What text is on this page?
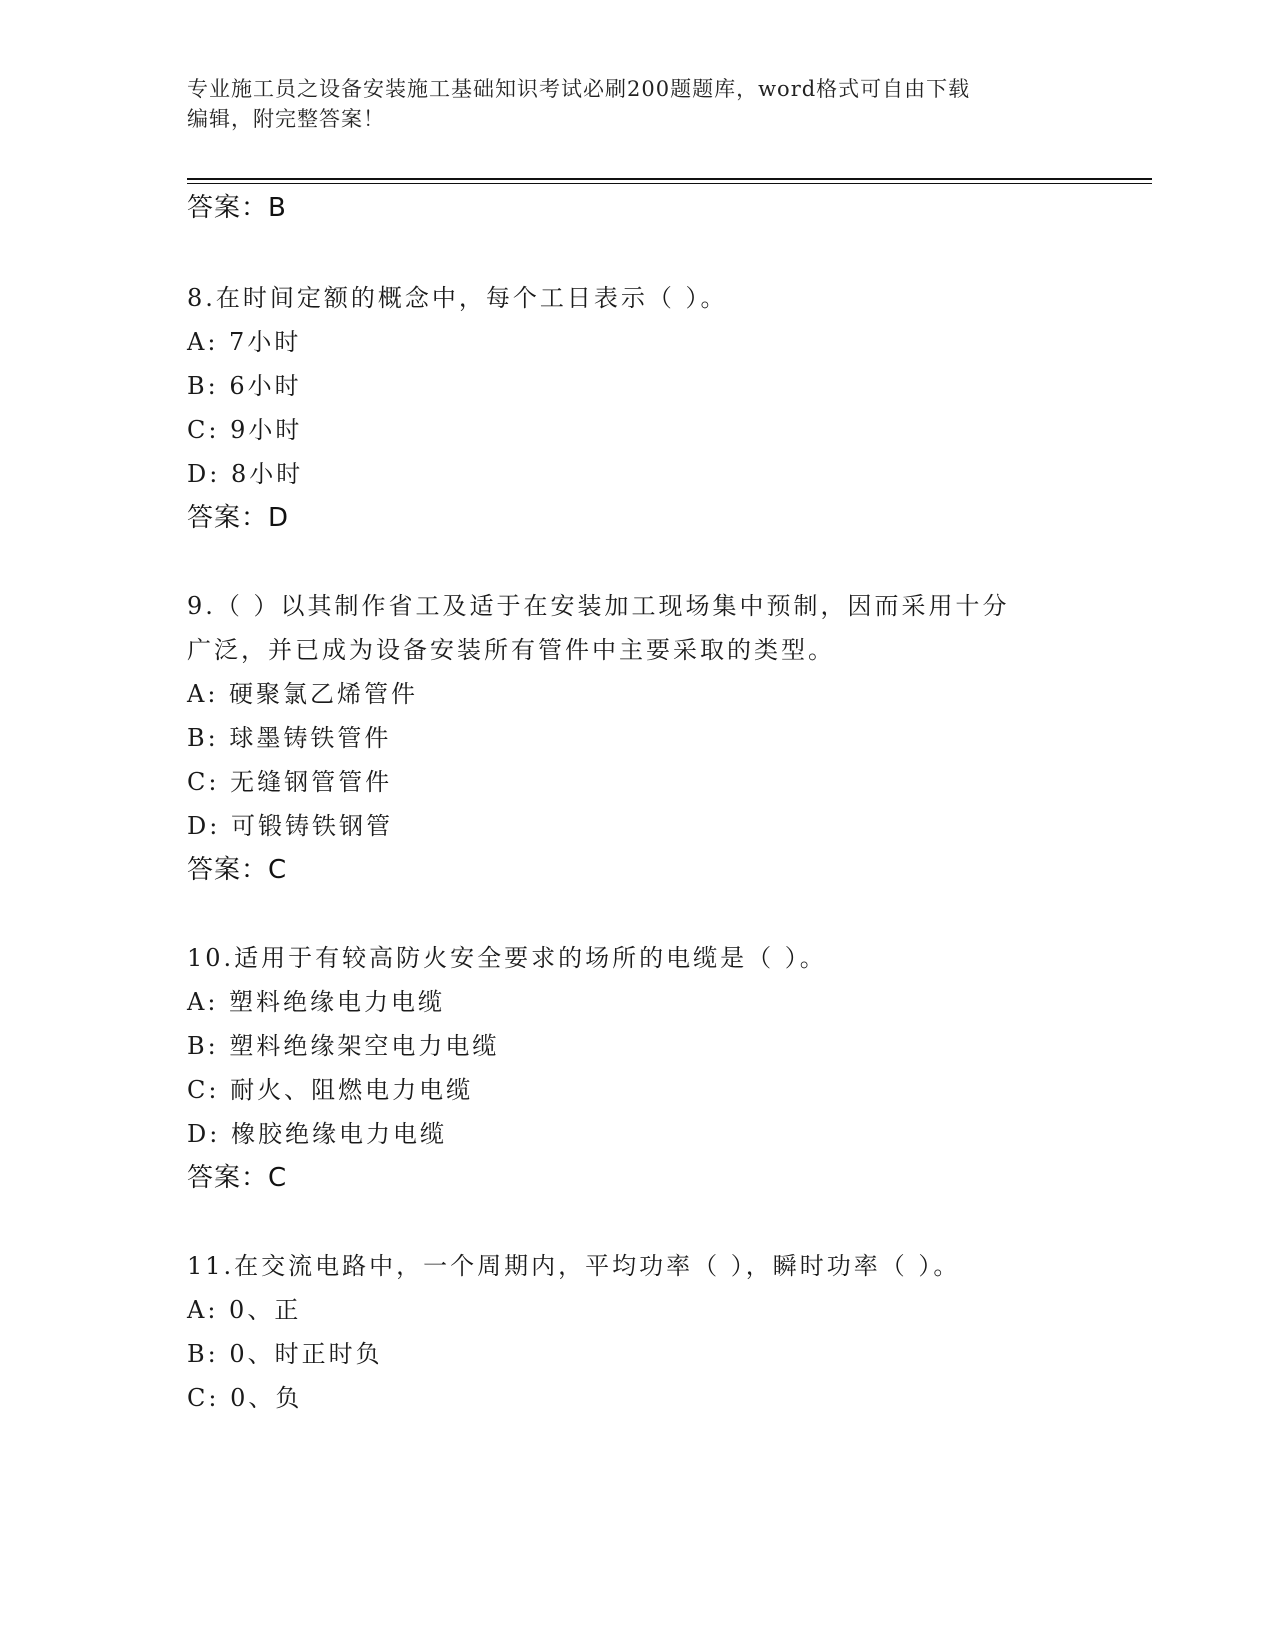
专业施工员之设备安装施工基础知识考试必刷200题题库，word格式可自由下载
编辑，附完整答案！
答案：B
8.在时间定额的概念中，每个工日表示（ ）。
A: 7小时
B: 6小时
C: 9小时
D: 8小时
答案：D
9.（ ）以其制作省工及适于在安装加工现场集中预制，因而采用十分
广泛，并已成为设备安装所有管件中主要采取的类型。
A: 硬聚氯乙烯管件
B: 球墨铸铁管件
C: 无缝钢管管件
D: 可锻铸铁钢管
答案：C
10.适用于有较高防火安全要求的场所的电缆是（ ）。
A: 塑料绝缘电力电缆
B: 塑料绝缘架空电力电缆
C: 耐火、阻燃电力电缆
D: 橡胶绝缘电力电缆
答案：C
11.在交流电路中，一个周期内，平均功率（ ），瞬时功率（ ）。
A: 0、正
B: 0、时正时负
C: 0、负
